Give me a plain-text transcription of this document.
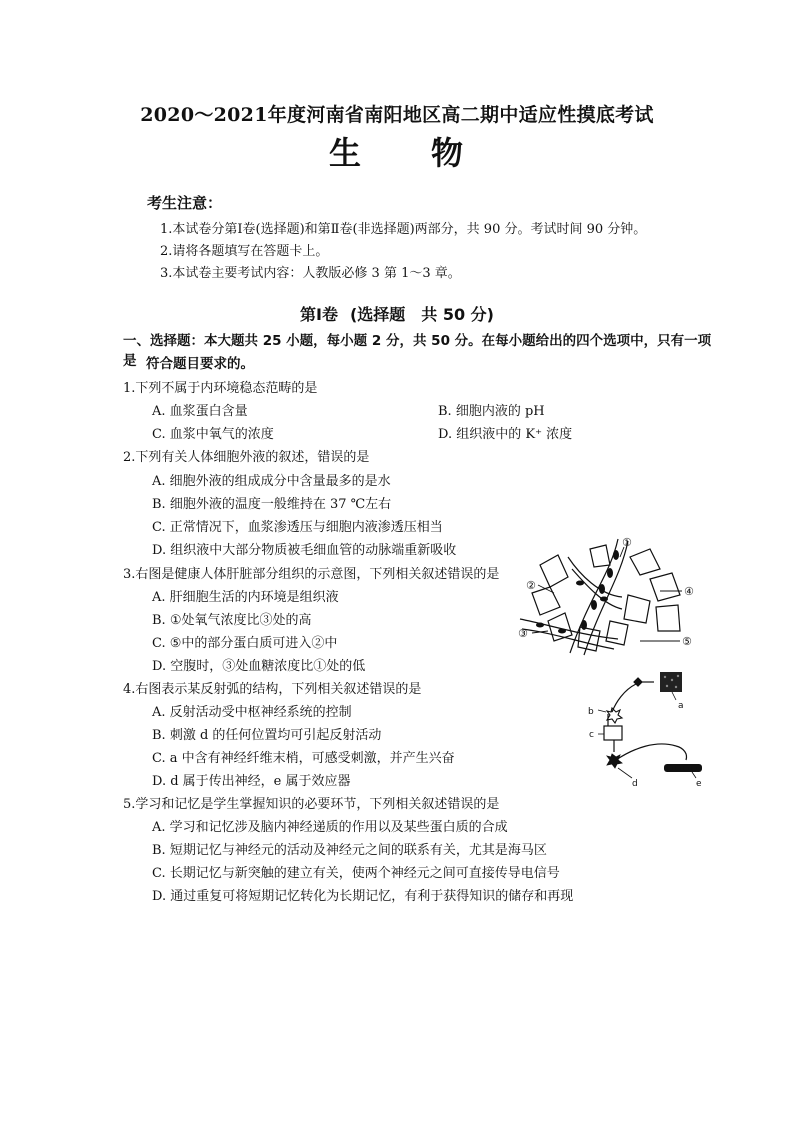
2020～2021年度河南省南阳地区高二期中适应性摸底考试
生 物
考生注意：
1.本试卷分第Ⅰ卷(选择题)和第Ⅱ卷(非选择题)两部分，共 90 分。考试时间 90 分钟。
2.请将各题填写在答题卡上。
3.本试卷主要考试内容：人教版必修 3 第 1～3 章。
第Ⅰ卷 (选择题　共 50 分)
一、选择题：本大题共 25 小题，每小题 2 分，共 50 分。在每小题给出的四个选项中，只有一项是 符合题目要求的。
1.下列不属于内环境稳态范畴的是
A. 血浆蛋白含量	B. 细胞内液的 pH
C. 血浆中氧气的浓度	D. 组织液中的 K⁺ 浓度
2.下列有关人体细胞外液的叙述，错误的是
A. 细胞外液的组成成分中含量最多的是水
B. 细胞外液的温度一般维持在 37 ℃左右
C. 正常情况下，血浆渗透压与细胞内液渗透压相当
D. 组织液中大部分物质被毛细血管的动脉端重新吸收
3.右图是健康人体肝脏部分组织的示意图，下列相关叙述错误的是
A. 肝细胞生活的内环境是组织液
B. ①处氧气浓度比③处的高
C. ⑤中的部分蛋白质可进入②中
D. 空腹时，③处血糖浓度比①处的低
①
②
③
④
⑤
4.右图表示某反射弧的结构，下列相关叙述错误的是
A. 反射活动受中枢神经系统的控制
B. 刺激 d 的任何位置均可引起反射活动
C. a 中含有神经纤维末梢，可感受刺激，并产生兴奋
D. d 属于传出神经，e 属于效应器
a
b
c
d	e
5.学习和记忆是学生掌握知识的必要环节，下列相关叙述错误的是
A. 学习和记忆涉及脑内神经递质的作用以及某些蛋白质的合成
B. 短期记忆与神经元的活动及神经元之间的联系有关，尤其是海马区
C. 长期记忆与新突触的建立有关，使两个神经元之间可直接传导电信号
D. 通过重复可将短期记忆转化为长期记忆，有利于获得知识的储存和再现
